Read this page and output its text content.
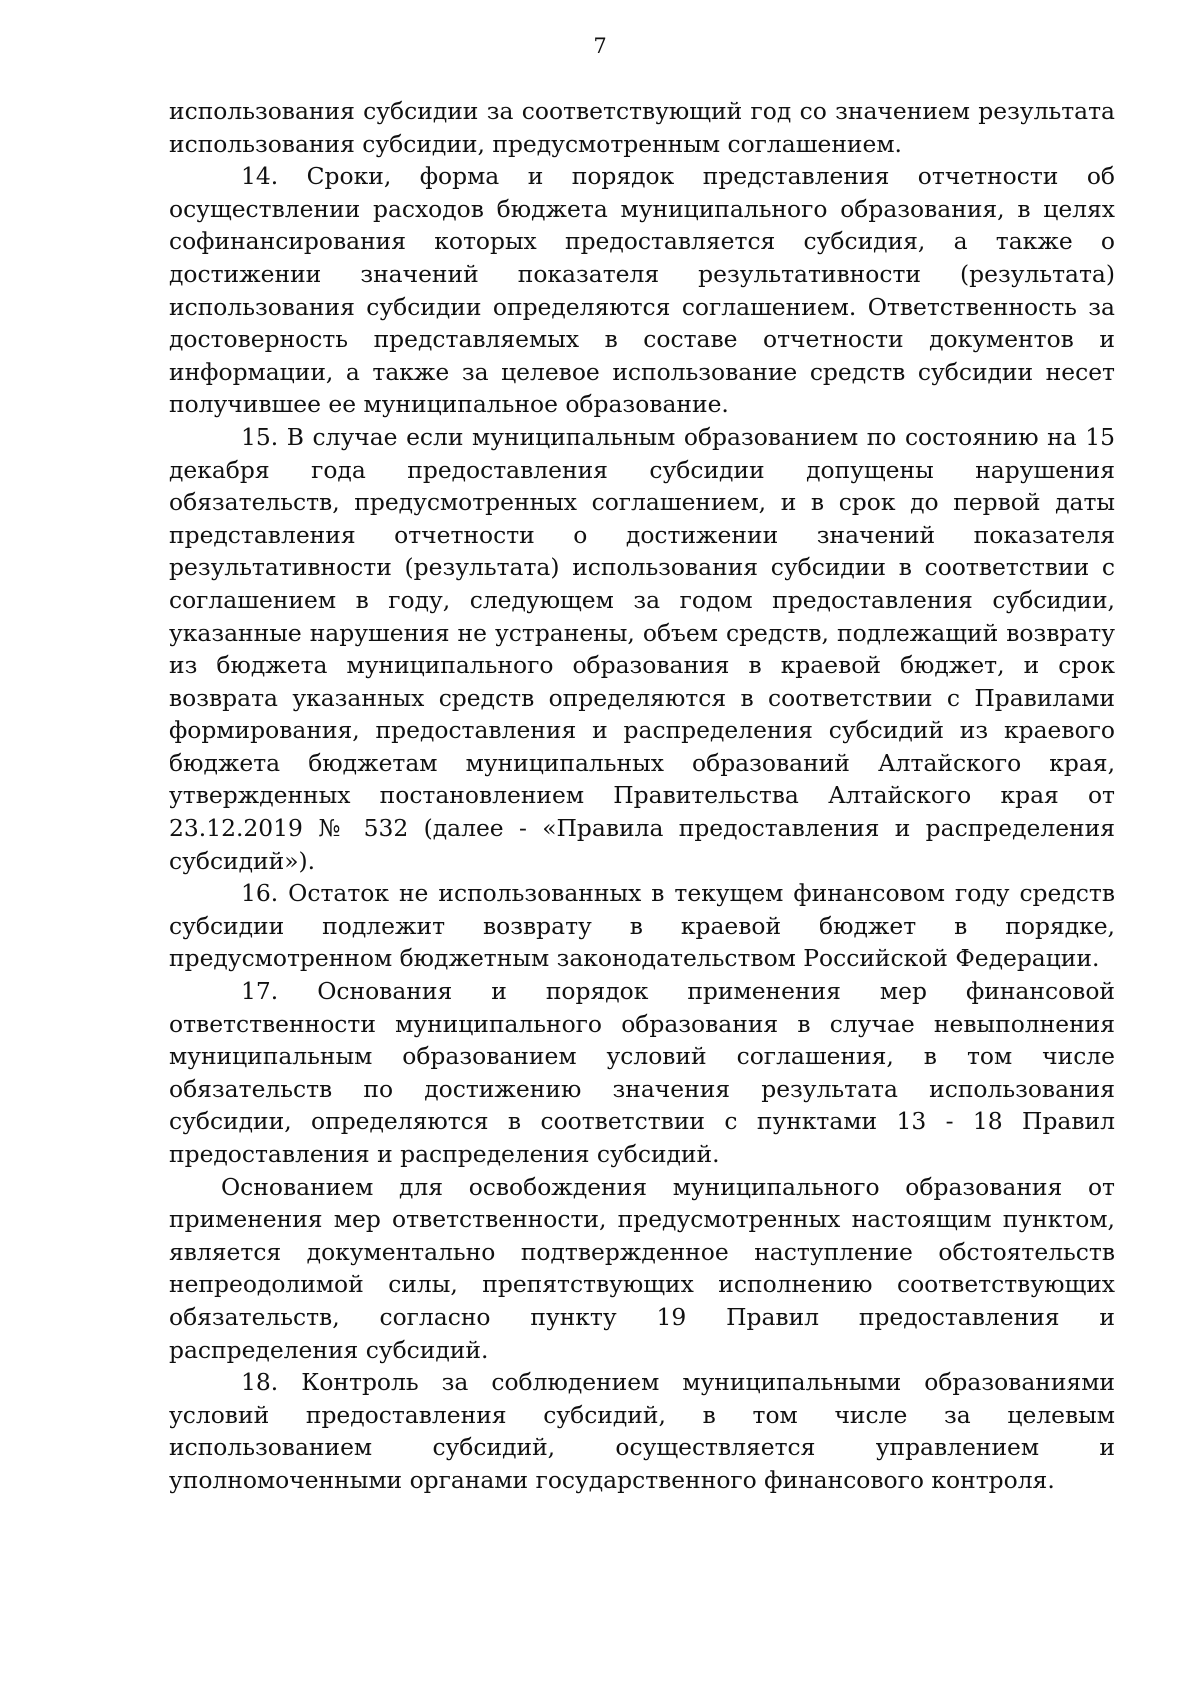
7

использования субсидии за соответствующий год со значением результата использования субсидии, предусмотренным соглашением.

14. Сроки, форма и порядок представления отчетности об осуществлении расходов бюджета муниципального образования, в целях софинансирования которых предоставляется субсидия, а также о достижении значений показателя результативности (результата) использования субсидии определяются соглашением. Ответственность за достоверность представляемых в составе отчетности документов и информации, а также за целевое использование средств субсидии несет получившее ее муниципальное образование.

15. В случае если муниципальным образованием по состоянию на 15 декабря года предоставления субсидии допущены нарушения обязательств, предусмотренных соглашением, и в срок до первой даты представления отчетности о достижении значений показателя результативности (результата) использования субсидии в соответствии с соглашением в году, следующем за годом предоставления субсидии, указанные нарушения не устранены, объем средств, подлежащий возврату из бюджета муниципального образования в краевой бюджет, и срок возврата указанных средств определяются в соответствии с Правилами формирования, предоставления и распределения субсидий из краевого бюджета бюджетам муниципальных образований Алтайского края, утвержденных постановлением Правительства Алтайского края от 23.12.2019 № 532 (далее - «Правила предоставления и распределения субсидий»).

16. Остаток не использованных в текущем финансовом году средств субсидии подлежит возврату в краевой бюджет в порядке, предусмотренном бюджетным законодательством Российской Федерации.

17. Основания и порядок применения мер финансовой ответственности муниципального образования в случае невыполнения муниципальным образованием условий соглашения, в том числе обязательств по достижению значения результата использования субсидии, определяются в соответствии с пунктами 13 - 18 Правил предоставления и распределения субсидий.

Основанием для освобождения муниципального образования от применения мер ответственности, предусмотренных настоящим пунктом, является документально подтвержденное наступление обстоятельств непреодолимой силы, препятствующих исполнению соответствующих обязательств, согласно пункту 19 Правил предоставления и распределения субсидий.

18. Контроль за соблюдением муниципальными образованиями условий предоставления субсидий, в том числе за целевым использованием субсидий, осуществляется управлением и уполномоченными органами государственного финансового контроля.
